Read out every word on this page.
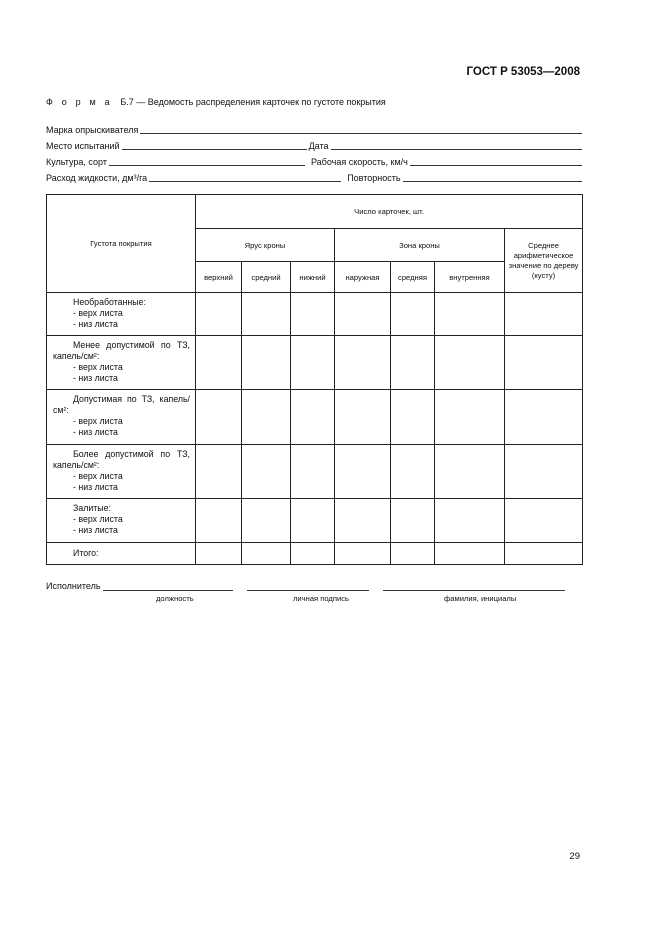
ГОСТ Р 53053—2008
Ф о р м а Б.7 — Ведомость распределения карточек по густоте покрытия
Марка опрыскивателя
Место испытаний	Дата
Культура, сорт	Рабочая скорость, км/ч
Расход жидкости, дм³/га	Повторность
Густота покрытия	Число карточек, шт.						
	Ярус кроны			Зона кроны			Среднее арифметическое значение по дереву (кусту)
	верхний	средний	нижний	наружная	средняя	внутренняя	

Необработанные:
- верх листа
- низ листа							

Менее допустимой по ТЗ, капель/см²:
- верх листа
- низ листа							

Допустимая по ТЗ, капель/см²:
- верх листа
- низ листа							

Более допустимой по ТЗ, капель/см²:
- верх листа
- низ листа							

Залитые:
- верх листа
- низ листа							

Итого:							

Исполнитель
должность	личная подпись	фамилия, инициалы
29
